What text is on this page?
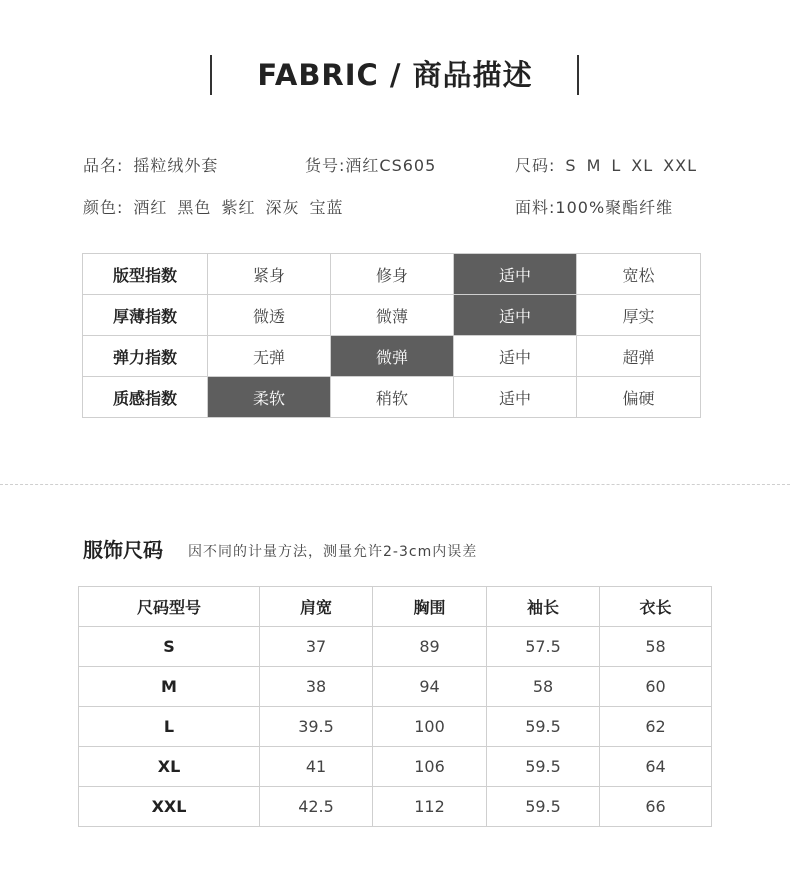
FABRIC / 商品描述
品名: 摇粒绒外套	货号:酒红CS605	尺码: S M L XL XXL
颜色: 酒红 黑色 紫红 深灰 宝蓝	面料:100%聚酯纤维
版型指数	紧身	修身	适中	宽松
厚薄指数	微透	微薄	适中	厚实
弹力指数	无弹	微弹	适中	超弹
质感指数	柔软	稍软	适中	偏硬
服饰尺码 因不同的计量方法，测量允许2-3cm内误差
尺码型号	肩宽	胸围	袖长	衣长
S	37	89	57.5	58
M	38	94	58	60
L	39.5	100	59.5	62
XL	41	106	59.5	64
XXL	42.5	112	59.5	66
